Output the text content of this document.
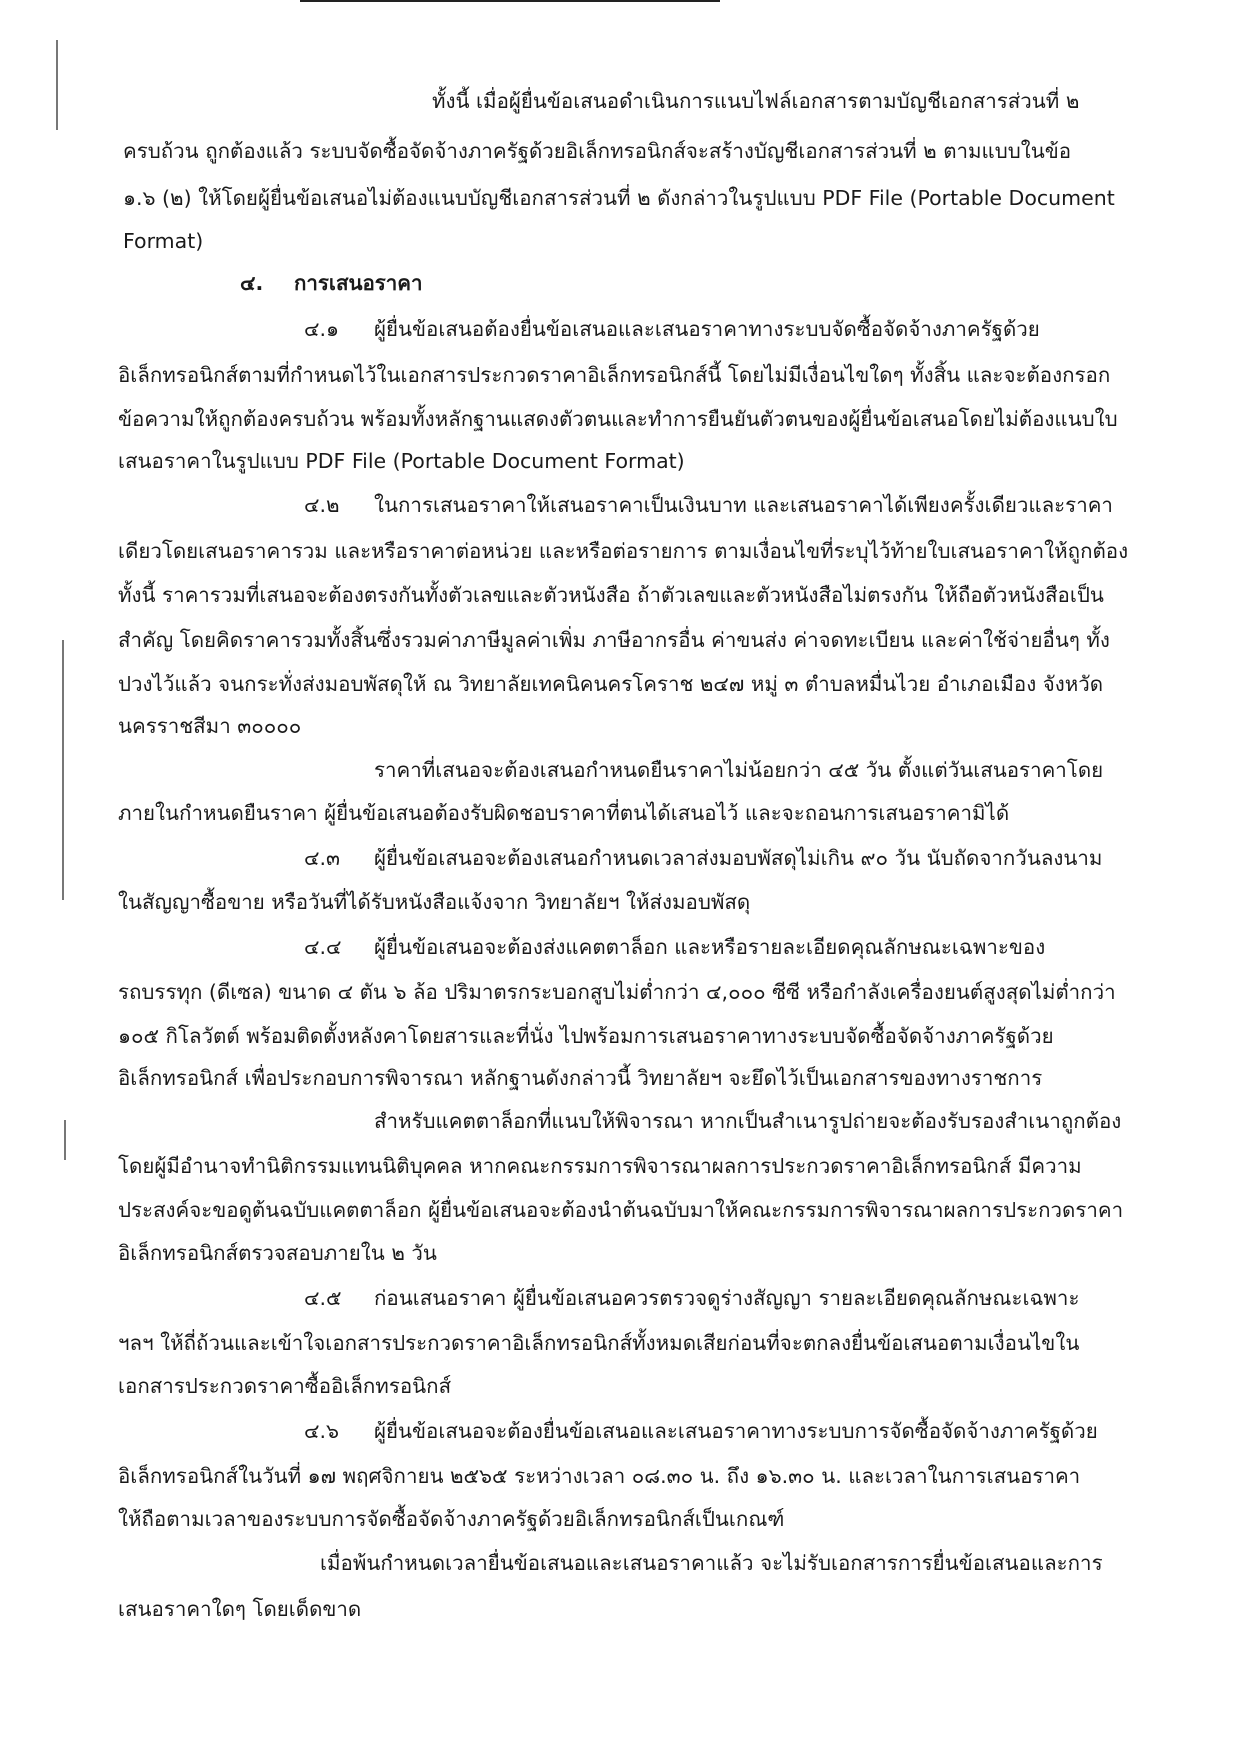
ทั้งนี้ เมื่อผู้ยื่นข้อเสนอดำเนินการแนบไฟล์เอกสารตามบัญชีเอกสารส่วนที่ ๒
ครบถ้วน ถูกต้องแล้ว ระบบจัดซื้อจัดจ้างภาครัฐด้วยอิเล็กทรอนิกส์จะสร้างบัญชีเอกสารส่วนที่ ๒ ตามแบบในข้อ
๑.๖ (๒) ให้โดยผู้ยื่นข้อเสนอไม่ต้องแนบบัญชีเอกสารส่วนที่ ๒ ดังกล่าวในรูปแบบ PDF File (Portable Document
Format)
๔. การเสนอราคา
๔.๑ ผู้ยื่นข้อเสนอต้องยื่นข้อเสนอและเสนอราคาทางระบบจัดซื้อจัดจ้างภาครัฐด้วย
อิเล็กทรอนิกส์ตามที่กำหนดไว้ในเอกสารประกวดราคาอิเล็กทรอนิกส์นี้ โดยไม่มีเงื่อนไขใดๆ ทั้งสิ้น และจะต้องกรอก
ข้อความให้ถูกต้องครบถ้วน พร้อมทั้งหลักฐานแสดงตัวตนและทำการยืนยันตัวตนของผู้ยื่นข้อเสนอโดยไม่ต้องแนบใบ
เสนอราคาในรูปแบบ PDF File (Portable Document Format)
๔.๒ ในการเสนอราคาให้เสนอราคาเป็นเงินบาท และเสนอราคาได้เพียงครั้งเดียวและราคา
เดียวโดยเสนอราคารวม และหรือราคาต่อหน่วย และหรือต่อรายการ ตามเงื่อนไขที่ระบุไว้ท้ายใบเสนอราคาให้ถูกต้อง
ทั้งนี้ ราคารวมที่เสนอจะต้องตรงกันทั้งตัวเลขและตัวหนังสือ ถ้าตัวเลขและตัวหนังสือไม่ตรงกัน ให้ถือตัวหนังสือเป็น
สำคัญ โดยคิดราคารวมทั้งสิ้นซึ่งรวมค่าภาษีมูลค่าเพิ่ม ภาษีอากรอื่น ค่าขนส่ง ค่าจดทะเบียน และค่าใช้จ่ายอื่นๆ ทั้ง
ปวงไว้แล้ว จนกระทั่งส่งมอบพัสดุให้ ณ วิทยาลัยเทคนิคนครโคราช ๒๔๗ หมู่ ๓ ตำบลหมื่นไวย อำเภอเมือง จังหวัด
นครราชสีมา ๓๐๐๐๐
ราคาที่เสนอจะต้องเสนอกำหนดยืนราคาไม่น้อยกว่า ๔๕ วัน ตั้งแต่วันเสนอราคาโดย
ภายในกำหนดยืนราคา ผู้ยื่นข้อเสนอต้องรับผิดชอบราคาที่ตนได้เสนอไว้ และจะถอนการเสนอราคามิได้
๔.๓ ผู้ยื่นข้อเสนอจะต้องเสนอกำหนดเวลาส่งมอบพัสดุไม่เกิน ๙๐ วัน นับถัดจากวันลงนาม
ในสัญญาซื้อขาย หรือวันที่ได้รับหนังสือแจ้งจาก วิทยาลัยฯ ให้ส่งมอบพัสดุ
๔.๔ ผู้ยื่นข้อเสนอจะต้องส่งแคตตาล็อก และหรือรายละเอียดคุณลักษณะเฉพาะของ
รถบรรทุก (ดีเซล) ขนาด ๔ ตัน ๖ ล้อ ปริมาตรกระบอกสูบไม่ต่ำกว่า ๔,๐๐๐ ซีซี หรือกำลังเครื่องยนต์สูงสุดไม่ต่ำกว่า
๑๐๕ กิโลวัตต์ พร้อมติดตั้งหลังคาโดยสารและที่นั่ง ไปพร้อมการเสนอราคาทางระบบจัดซื้อจัดจ้างภาครัฐด้วย
อิเล็กทรอนิกส์ เพื่อประกอบการพิจารณา หลักฐานดังกล่าวนี้ วิทยาลัยฯ จะยึดไว้เป็นเอกสารของทางราชการ
สำหรับแคตตาล็อกที่แนบให้พิจารณา หากเป็นสำเนารูปถ่ายจะต้องรับรองสำเนาถูกต้อง
โดยผู้มีอำนาจทำนิติกรรมแทนนิติบุคคล หากคณะกรรมการพิจารณาผลการประกวดราคาอิเล็กทรอนิกส์ มีความ
ประสงค์จะขอดูต้นฉบับแคตตาล็อก ผู้ยื่นข้อเสนอจะต้องนำต้นฉบับมาให้คณะกรรมการพิจารณาผลการประกวดราคา
อิเล็กทรอนิกส์ตรวจสอบภายใน ๒ วัน
๔.๕ ก่อนเสนอราคา ผู้ยื่นข้อเสนอควรตรวจดูร่างสัญญา รายละเอียดคุณลักษณะเฉพาะ
ฯลฯ ให้ถี่ถ้วนและเข้าใจเอกสารประกวดราคาอิเล็กทรอนิกส์ทั้งหมดเสียก่อนที่จะตกลงยื่นข้อเสนอตามเงื่อนไขใน
เอกสารประกวดราคาซื้ออิเล็กทรอนิกส์
๔.๖ ผู้ยื่นข้อเสนอจะต้องยื่นข้อเสนอและเสนอราคาทางระบบการจัดซื้อจัดจ้างภาครัฐด้วย
อิเล็กทรอนิกส์ในวันที่ ๑๗ พฤศจิกายน ๒๕๖๕ ระหว่างเวลา ๐๘.๓๐ น. ถึง ๑๖.๓๐ น. และเวลาในการเสนอราคา
ให้ถือตามเวลาของระบบการจัดซื้อจัดจ้างภาครัฐด้วยอิเล็กทรอนิกส์เป็นเกณฑ์
เมื่อพ้นกำหนดเวลายื่นข้อเสนอและเสนอราคาแล้ว จะไม่รับเอกสารการยื่นข้อเสนอและการ
เสนอราคาใดๆ โดยเด็ดขาด
